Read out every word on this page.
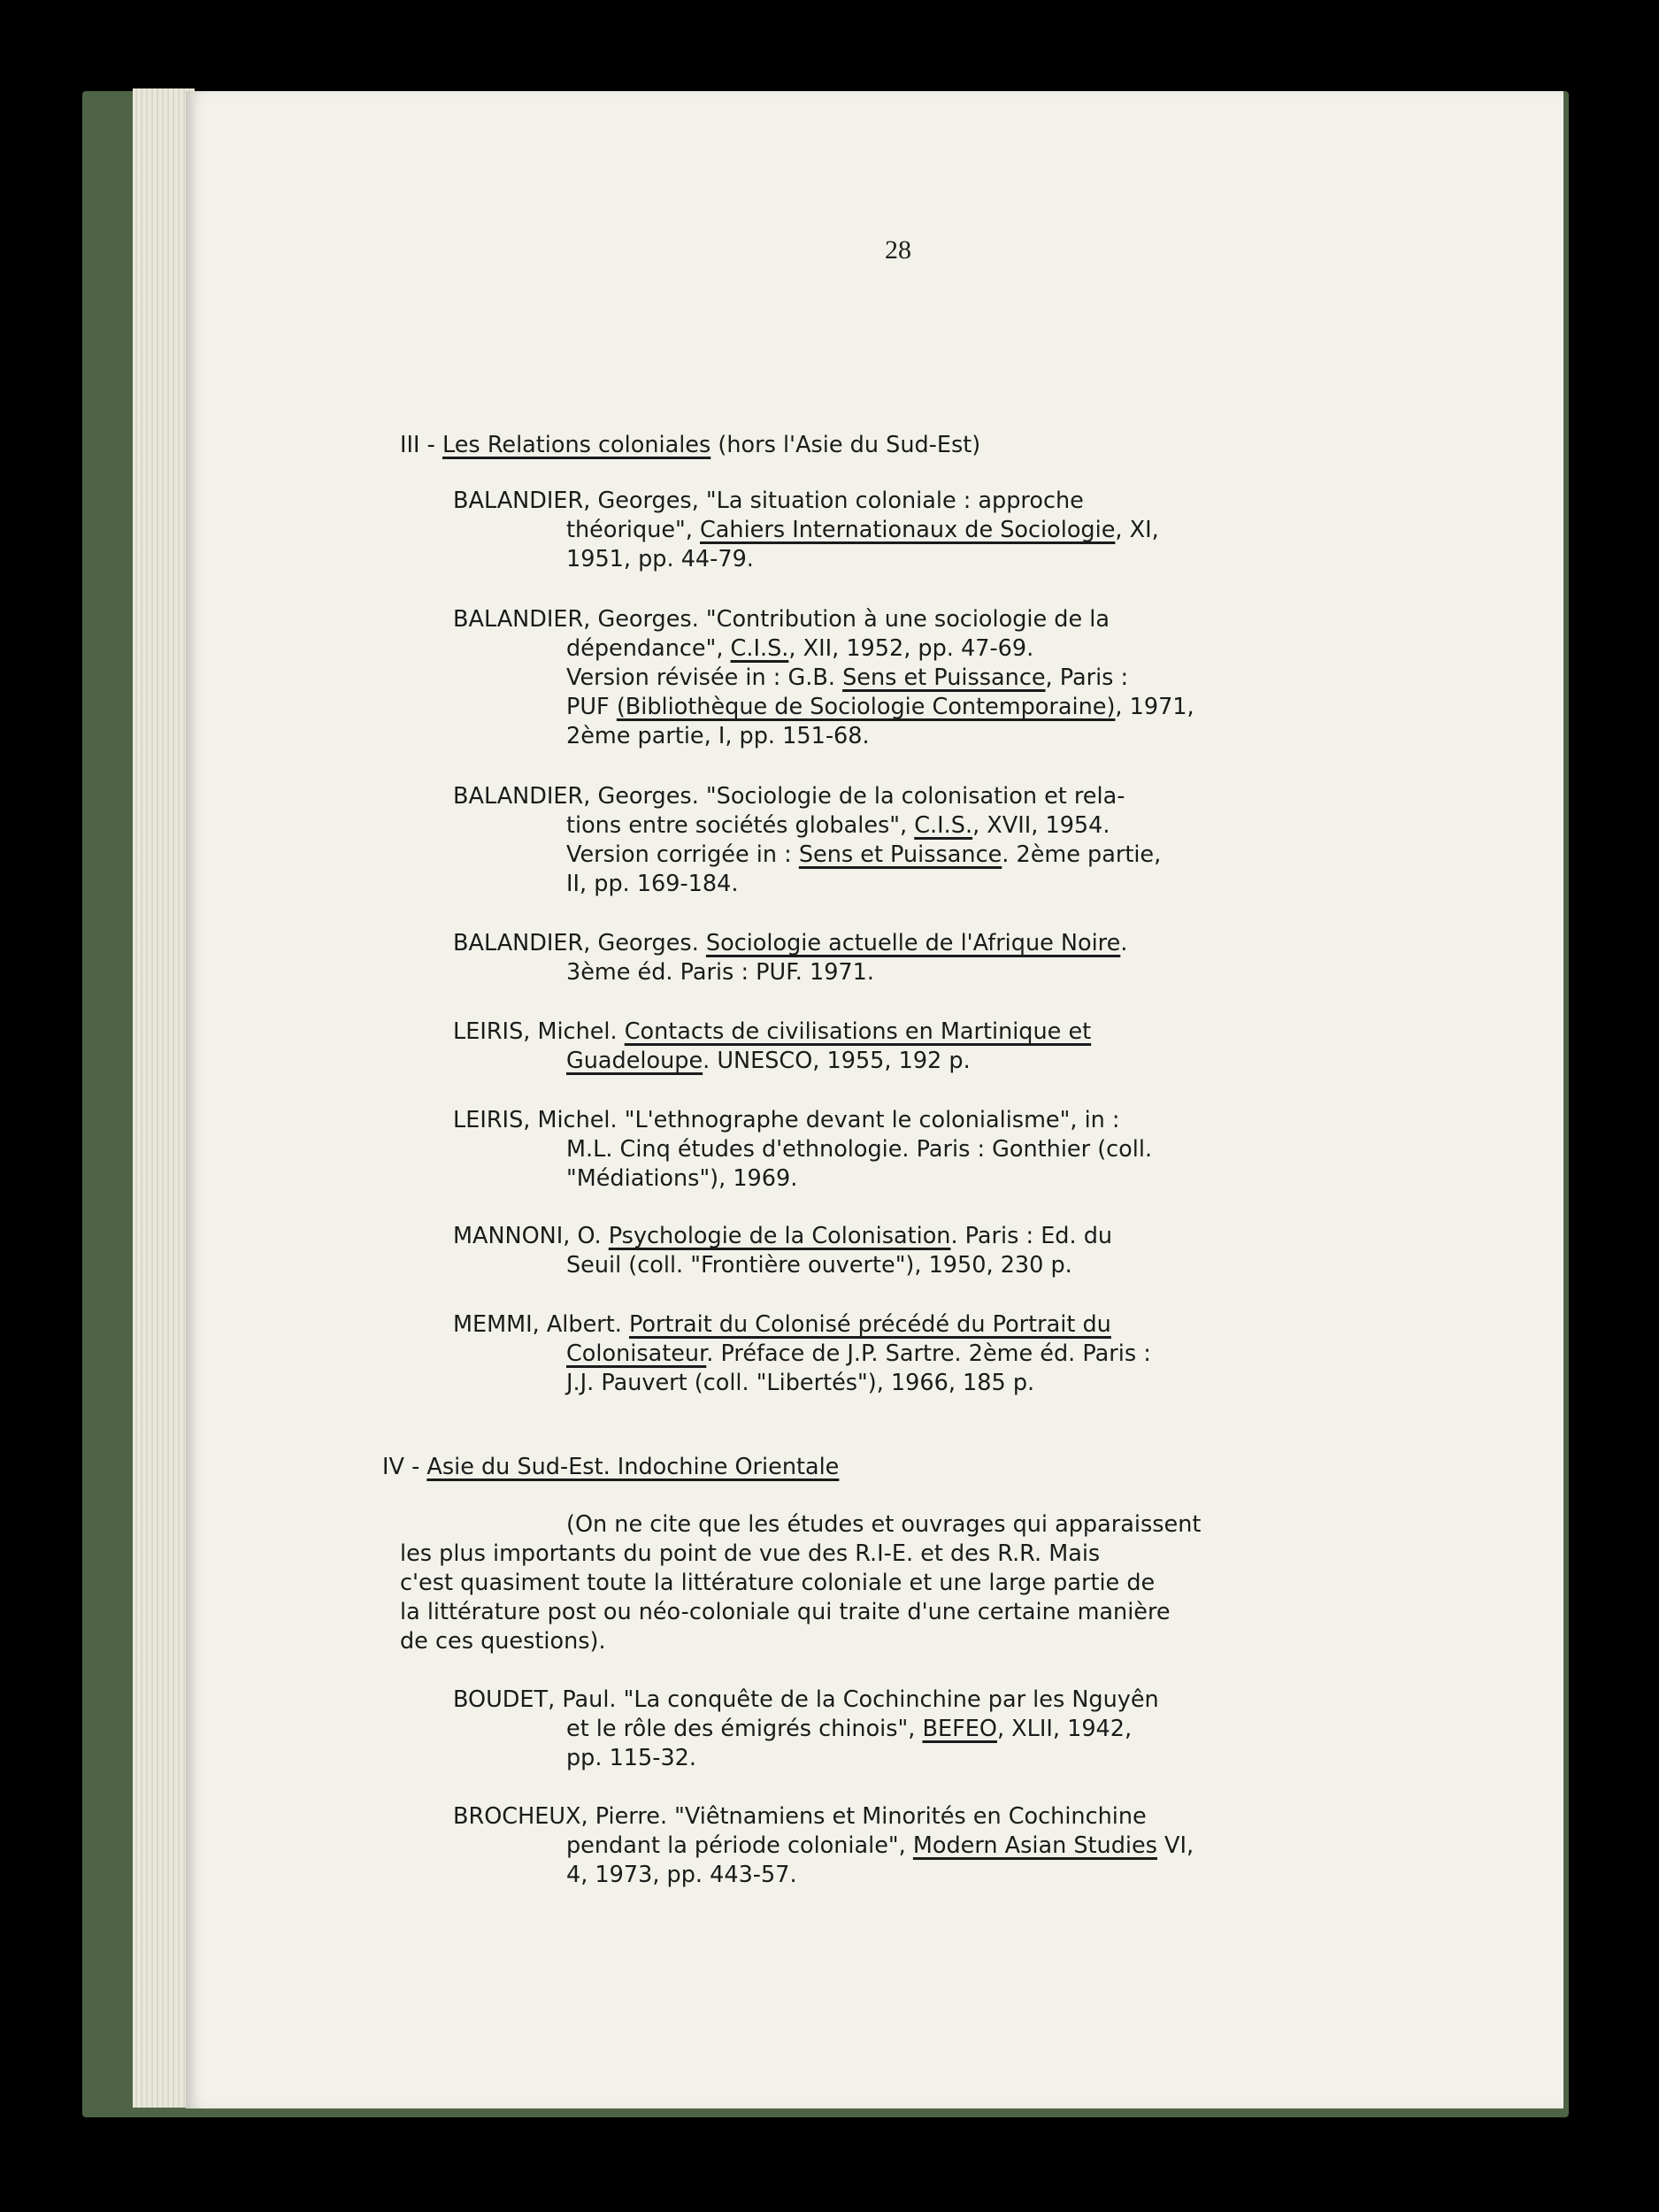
28
III - Les Relations coloniales (hors l'Asie du Sud-Est)
BALANDIER, Georges, "La situation coloniale : approche
théorique", Cahiers Internationaux de Sociologie, XI,
1951, pp. 44-79.
BALANDIER, Georges. "Contribution à une sociologie de la
dépendance", C.I.S., XII, 1952, pp. 47-69.
Version révisée in : G.B. Sens et Puissance, Paris :
PUF (Bibliothèque de Sociologie Contemporaine), 1971,
2ème partie, I, pp. 151-68.
BALANDIER, Georges. "Sociologie de la colonisation et rela-
tions entre sociétés globales", C.I.S., XVII, 1954.
Version corrigée in : Sens et Puissance. 2ème partie,
II, pp. 169-184.
BALANDIER, Georges. Sociologie actuelle de l'Afrique Noire.
3ème éd. Paris : PUF. 1971.
LEIRIS, Michel. Contacts de civilisations en Martinique et
Guadeloupe. UNESCO, 1955, 192 p.
LEIRIS, Michel. "L'ethnographe devant le colonialisme", in :
M.L. Cinq études d'ethnologie. Paris : Gonthier (coll.
"Médiations"), 1969.
MANNONI, O. Psychologie de la Colonisation. Paris : Ed. du
Seuil (coll. "Frontière ouverte"), 1950, 230 p.
MEMMI, Albert. Portrait du Colonisé précédé du Portrait du
Colonisateur. Préface de J.P. Sartre. 2ème éd. Paris :
J.J. Pauvert (coll. "Libertés"), 1966, 185 p.
IV - Asie du Sud-Est. Indochine Orientale
(On ne cite que les études et ouvrages qui apparaissent
les plus importants du point de vue des R.I-E. et des R.R. Mais
c'est quasiment toute la littérature coloniale et une large partie de
la littérature post ou néo-coloniale qui traite d'une certaine manière
de ces questions).
BOUDET, Paul. "La conquête de la Cochinchine par les Nguyên
et le rôle des émigrés chinois", BEFEO, XLII, 1942,
pp. 115-32.
BROCHEUX, Pierre. "Viêtnamiens et Minorités en Cochinchine
pendant la période coloniale", Modern Asian Studies VI,
4, 1973, pp. 443-57.
